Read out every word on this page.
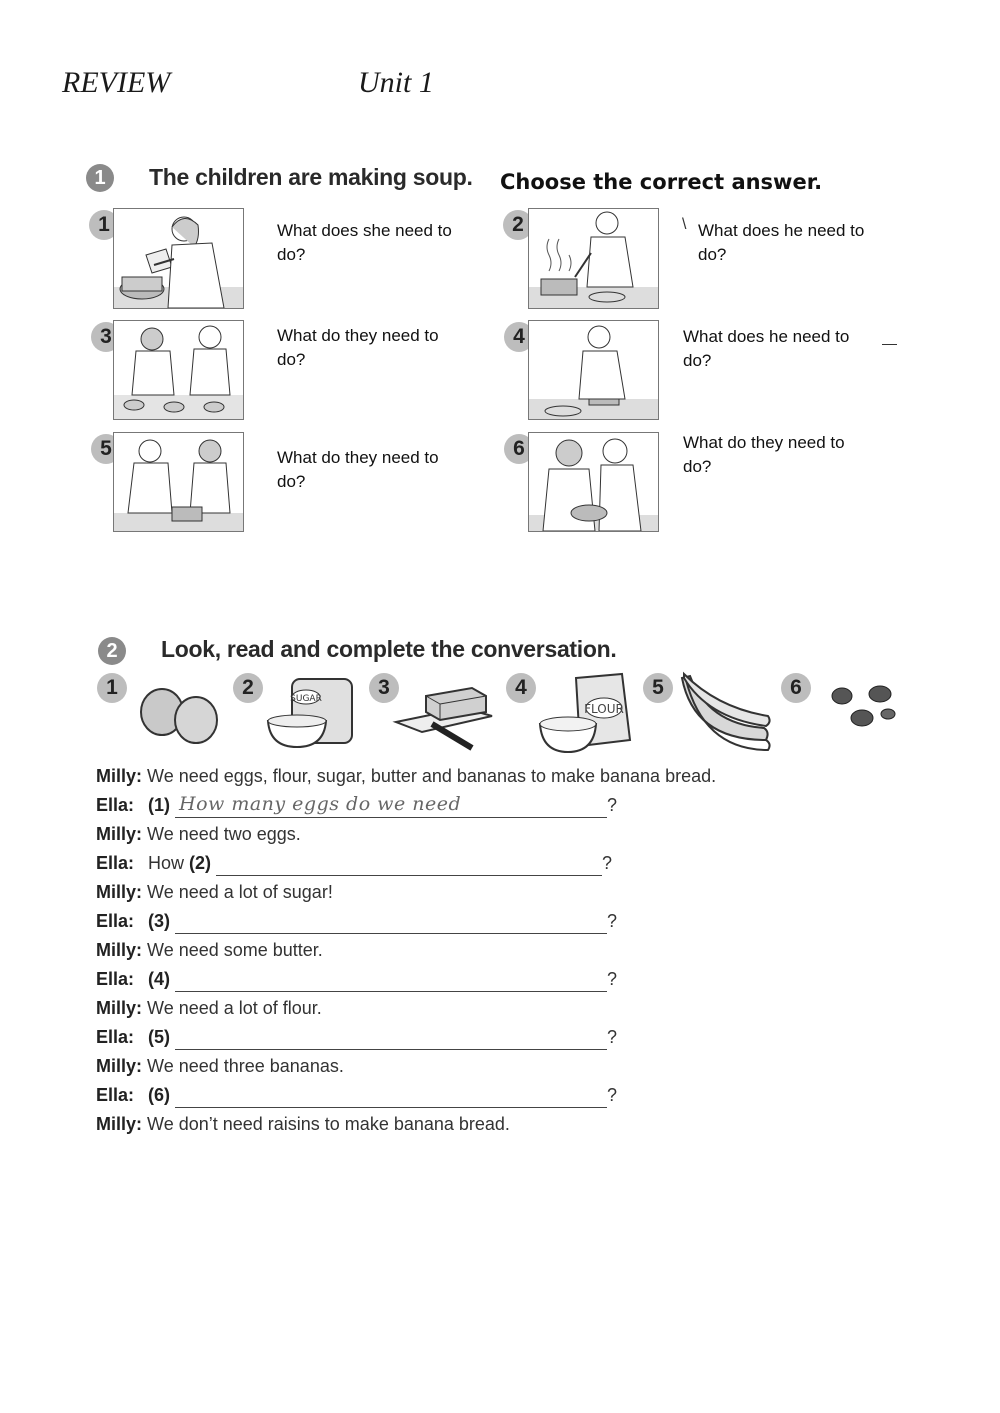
REVIEW	Unit 1
1	The children are making soup. Choose the correct answer.
1	What does she need to do?
2	\ What does he need to do?
3	What do they need to do?
4	What does he need to do?
5	What do they need to do?
6	What do they need to do?
2	Look, read and complete the conversation.
1	2	SUGAR	3	4
FLOUR
5	6
Milly: We need eggs, flour, sugar, butter and bananas to make banana bread.
Ella: (1) How many eggs do we need	?
Milly: We need two eggs.
Ella: How (2)	?
Milly: We need a lot of sugar!
Ella: (3)	?
Milly: We need some butter.
Ella: (4)	?
Milly: We need a lot of flour.
Ella: (5)	?
Milly: We need three bananas.
Ella: (6)	?
Milly: We don’t need raisins to make banana bread.
